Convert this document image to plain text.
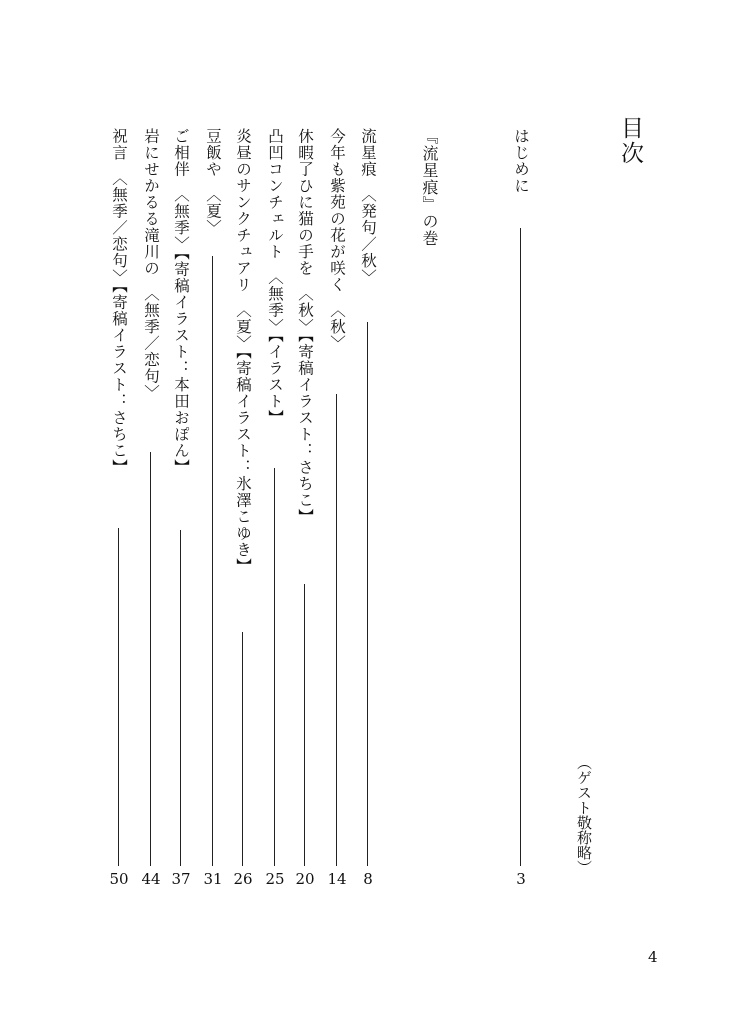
目次
（ゲスト敬称略）
『流星痕』の巻	はじめに
3
流星痕　〈発句／秋〉
8
今年も紫苑の花が咲く　〈秋〉
14
休暇了ひに猫の手を　〈秋〉【寄稿イラスト：さちこ】
20
凸凹コンチェルト　〈無季〉【イラスト】
25
炎昼のサンクチュアリ　〈夏〉【寄稿イラスト：氷澤こゆき】
26
豆飯や　〈夏〉
31
ご相伴　〈無季〉【寄稿イラスト：本田おぽん】
37
岩にせかるる滝川の　〈無季／恋句〉
44
祝言　〈無季／恋句〉【寄稿イラスト：さちこ】
50
4
